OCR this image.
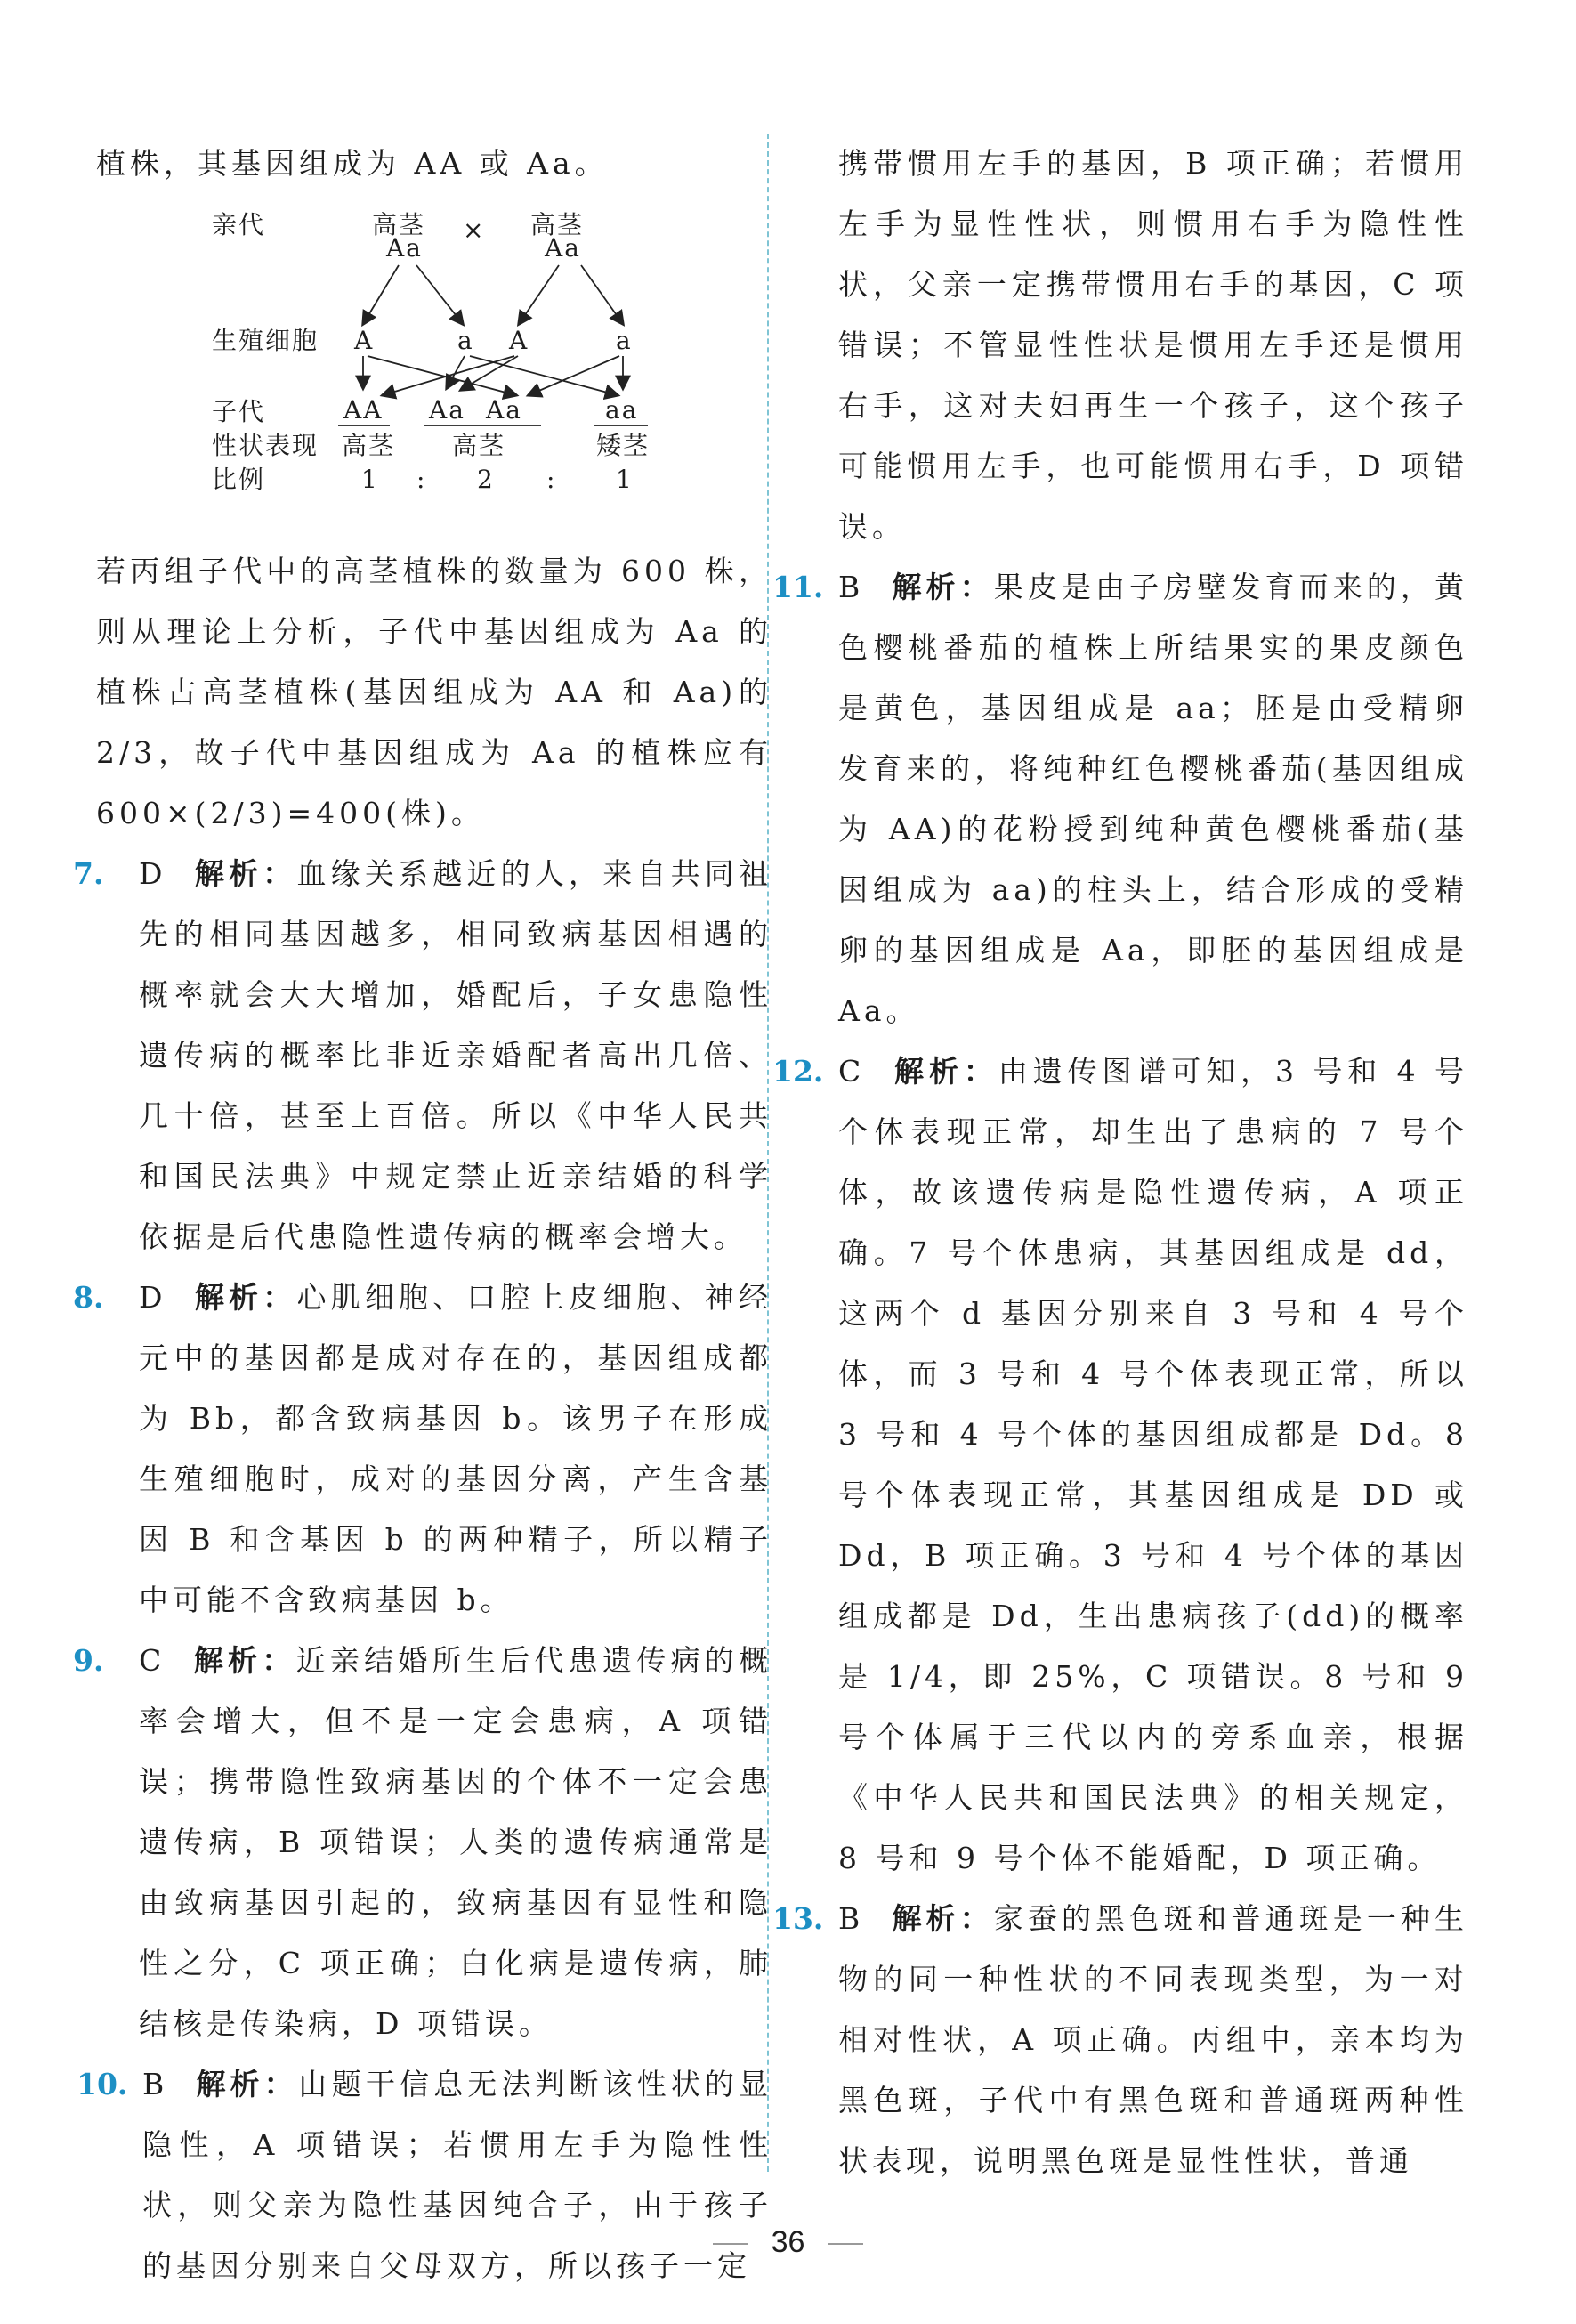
植株，其基因组成为 AA 或 Aa。

亲代	高茎
Aa
× 高茎
Aa
生殖细胞 A	a A	a
子代	AA Aa Aa	aa
性状表现 高茎 高茎	矮茎
比例	1 : 2 : 1

若丙组子代中的高茎植株的数量为 600 株，则从理论上分析，子代中基因组成为 Aa 的植株占高茎植株(基因组成为 AA 和 Aa)的 2/3，故子代中基因组成为 Aa 的植株应有 600×(2/3)=400(株)。

7. D 解析：血缘关系越近的人，来自共同祖先的相同基因越多，相同致病基因相遇的概率就会大大增加，婚配后，子女患隐性遗传病的概率比非近亲婚配者高出几倍、几十倍，甚至上百倍。所以《中华人民共和国民法典》中规定禁止近亲结婚的科学依据是后代患隐性遗传病的概率会增大。

8. D 解析：心肌细胞、口腔上皮细胞、神经元中的基因都是成对存在的，基因组成都为 Bb，都含致病基因 b。该男子在形成生殖细胞时，成对的基因分离，产生含基因 B 和含基因 b 的两种精子，所以精子中可能不含致病基因 b。

9. C 解析：近亲结婚所生后代患遗传病的概率会增大，但不是一定会患病，A 项错误；携带隐性致病基因的个体不一定会患遗传病，B 项错误；人类的遗传病通常是由致病基因引起的，致病基因有显性和隐性之分，C 项正确；白化病是遗传病，肺结核是传染病，D 项错误。

10. B 解析：由题干信息无法判断该性状的显隐性，A 项错误；若惯用左手为隐性性状，则父亲为隐性基因纯合子，由于孩子的基因分别来自父母双方，所以孩子一定

携带惯用左手的基因，B 项正确；若惯用左手为显性性状，则惯用右手为隐性性状，父亲一定携带惯用右手的基因，C 项错误；不管显性性状是惯用左手还是惯用右手，这对夫妇再生一个孩子，这个孩子可能惯用左手，也可能惯用右手，D 项错误。

11. B 解析：果皮是由子房壁发育而来的，黄色樱桃番茄的植株上所结果实的果皮颜色是黄色，基因组成是 aa；胚是由受精卵发育来的，将纯种红色樱桃番茄(基因组成为 AA)的花粉授到纯种黄色樱桃番茄(基因组成为 aa)的柱头上，结合形成的受精卵的基因组成是 Aa，即胚的基因组成是 Aa。

12. C 解析：由遗传图谱可知，3 号和 4 号个体表现正常，却生出了患病的 7 号个体，故该遗传病是隐性遗传病，A 项正确。7 号个体患病，其基因组成是 dd，这两个 d 基因分别来自 3 号和 4 号个体，而 3 号和 4 号个体表现正常，所以 3 号和 4 号个体的基因组成都是 Dd。8 号个体表现正常，其基因组成是 DD 或 Dd，B 项正确。3 号和 4 号个体的基因组成都是 Dd，生出患病孩子(dd)的概率是 1/4，即 25%，C 项错误。8 号和 9 号个体属于三代以内的旁系血亲，根据《中华人民共和国民法典》的相关规定，8 号和 9 号个体不能婚配，D 项正确。

13. B 解析：家蚕的黑色斑和普通斑是一种生物的同一种性状的不同表现类型，为一对相对性状，A 项正确。丙组中，亲本均为黑色斑，子代中有黑色斑和普通斑两种性状表现，说明黑色斑是显性性状，普通

36
